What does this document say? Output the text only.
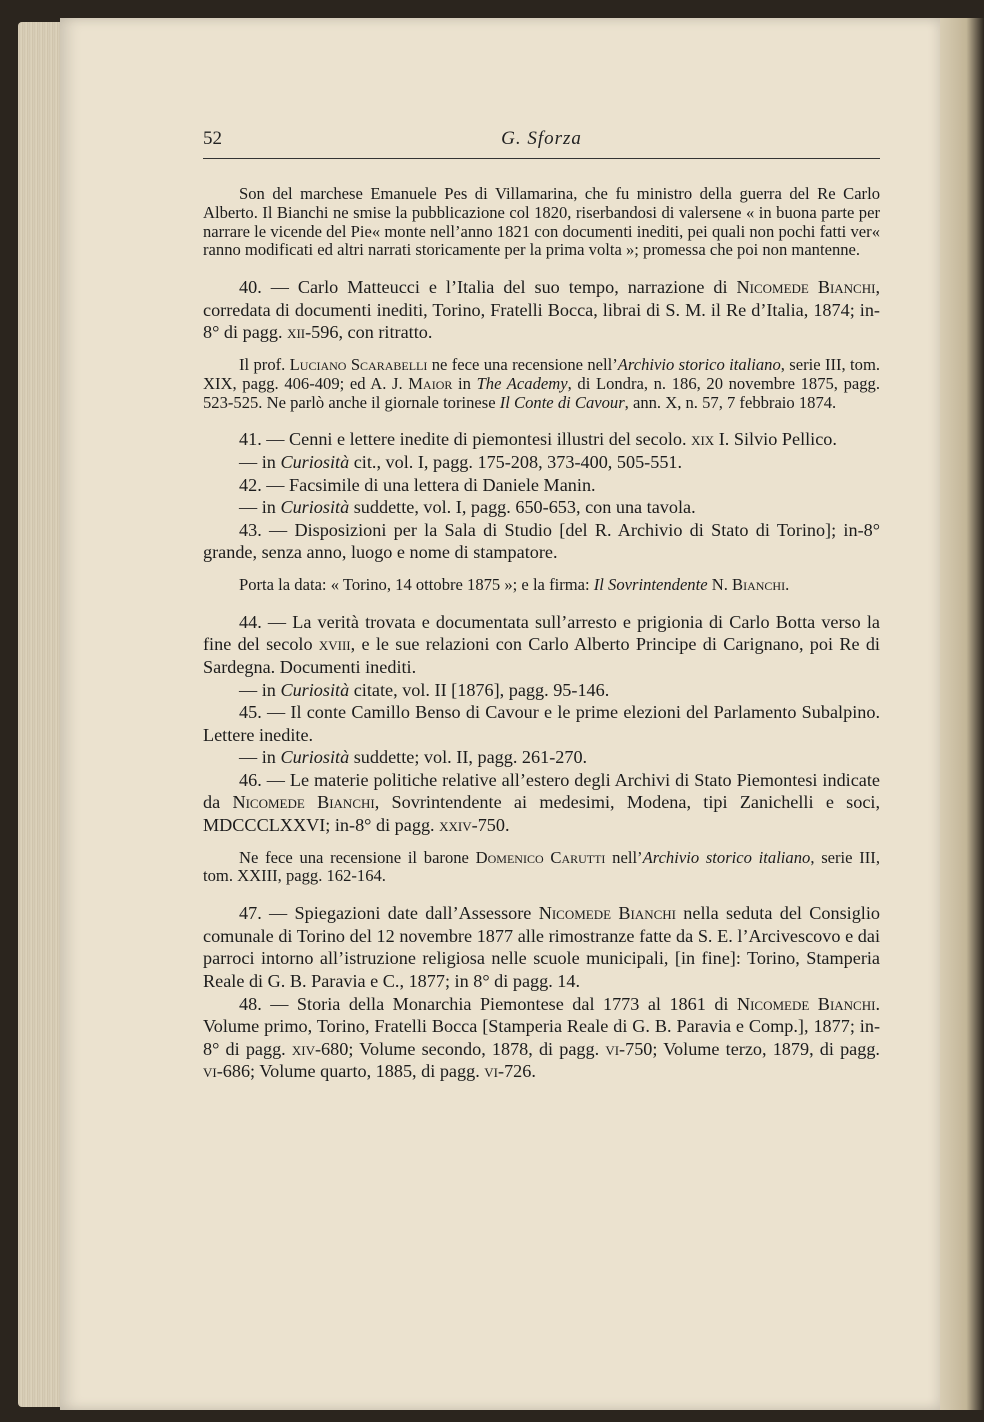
52	G. Sforza

Son del marchese Emanuele Pes di Villamarina, che fu ministro della guerra del Re Carlo Alberto. Il Bianchi ne smise la pubblicazione col 1820, riserbandosi di valersene « in buona parte per narrare le vicende del Pie« monte nell’anno 1821 con documenti inediti, pei quali non pochi fatti ver« ranno modificati ed altri narrati storicamente per la prima volta »; promessa che poi non mantenne.

40. — Carlo Matteucci e l’Italia del suo tempo, narrazione di Nicomede Bianchi, corredata di documenti inediti, Torino, Fratelli Bocca, librai di S. M. il Re d’Italia, 1874; in-8° di pagg. xii-596, con ritratto.

Il prof. Luciano Scarabelli ne fece una recensione nell’Archivio storico italiano, serie III, tom. XIX, pagg. 406-409; ed A. J. Maior in The Academy, di Londra, n. 186, 20 novembre 1875, pagg. 523-525. Ne parlò anche il giornale torinese Il Conte di Cavour, ann. X, n. 57, 7 febbraio 1874.

41. — Cenni e lettere inedite di piemontesi illustri del secolo. xix I. Silvio Pellico.

— in Curiosità cit., vol. I, pagg. 175-208, 373-400, 505-551.

42. — Facsimile di una lettera di Daniele Manin.

— in Curiosità suddette, vol. I, pagg. 650-653, con una tavola.

43. — Disposizioni per la Sala di Studio [del R. Archivio di Stato di Torino]; in-8° grande, senza anno, luogo e nome di stampatore.

Porta la data: « Torino, 14 ottobre 1875 »; e la firma: Il Sovrintendente N. Bianchi.

44. — La verità trovata e documentata sull’arresto e prigionia di Carlo Botta verso la fine del secolo xviii, e le sue relazioni con Carlo Alberto Principe di Carignano, poi Re di Sardegna. Documenti inediti.

— in Curiosità citate, vol. II [1876], pagg. 95-146.

45. — Il conte Camillo Benso di Cavour e le prime elezioni del Parlamento Subalpino. Lettere inedite.

— in Curiosità suddette; vol. II, pagg. 261-270.

46. — Le materie politiche relative all’estero degli Archivi di Stato Piemontesi indicate da Nicomede Bianchi, Sovrintendente ai medesimi, Modena, tipi Zanichelli e soci, MDCCCLXXVI; in-8° di pagg. xxiv-750.

Ne fece una recensione il barone Domenico Carutti nell’Archivio storico italiano, serie III, tom. XXIII, pagg. 162-164.

47. — Spiegazioni date dall’Assessore Nicomede Bianchi nella seduta del Consiglio comunale di Torino del 12 novembre 1877 alle rimostranze fatte da S. E. l’Arcivescovo e dai parroci intorno all’istruzione religiosa nelle scuole municipali, [in fine]: Torino, Stamperia Reale di G. B. Paravia e C., 1877; in 8° di pagg. 14.

48. — Storia della Monarchia Piemontese dal 1773 al 1861 di Nicomede Bianchi. Volume primo, Torino, Fratelli Bocca [Stamperia Reale di G. B. Paravia e Comp.], 1877; in-8° di pagg. xiv-680; Volume secondo, 1878, di pagg. vi-750; Volume terzo, 1879, di pagg. vi-686; Volume quarto, 1885, di pagg. vi-726.
